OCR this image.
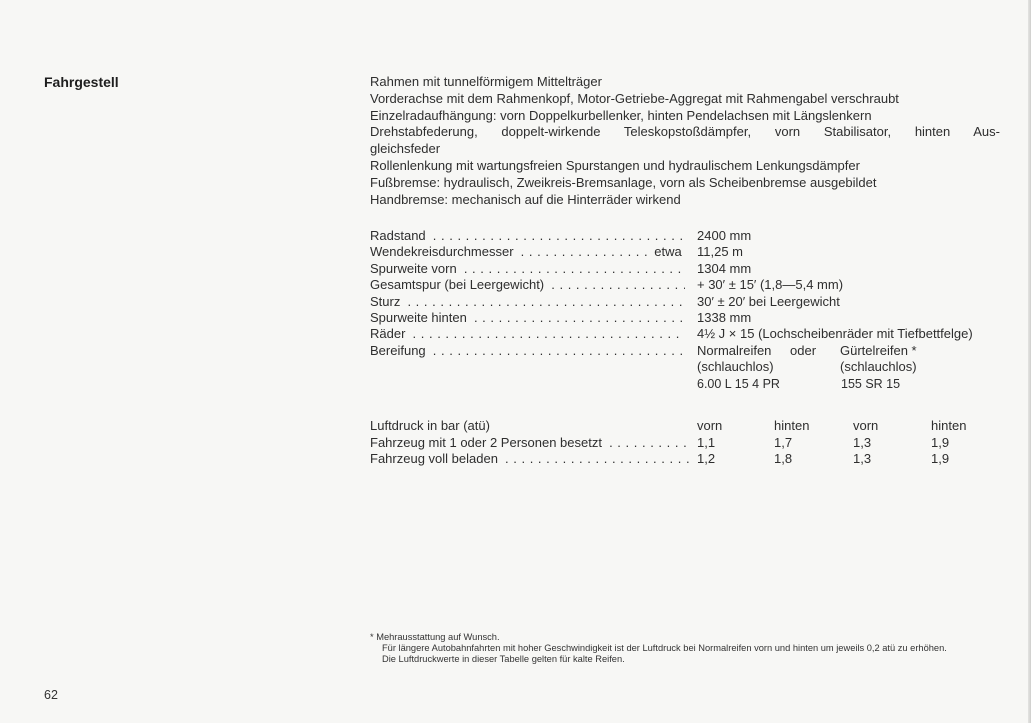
Fahrgestell	Rahmen mit tunnelförmigem Mittelträger

Vorderachse mit dem Rahmenkopf, Motor-Getriebe-Aggregat mit Rahmengabel verschraubt

Einzelradaufhängung: vorn Doppelkurbellenker, hinten Pendelachsen mit Längslenkern

Drehstabfederung, doppelt-wirkende Teleskopstoßdämpfer, vorn Stabilisator, hinten Aus-

gleichsfeder

Rollenlenkung mit wartungsfreien Spurstangen und hydraulischem Lenkungsdämpfer

Fußbremse: hydraulisch, Zweikreis-Bremsanlage, vorn als Scheibenbremse ausgebildet

Handbremse: mechanisch auf die Hinterräder wirkend

Radstand . . .	2400 mm
Wendekreisdurchmesser . . .	etwa	11,25 m
Spurweite vorn . . .	1304 mm
Gesamtspur (bei Leergewicht) . . .	+ 30′ ± 15′ (1,8—5,4 mm)
Sturz . . .	30′ ± 20′ bei Leergewicht
Spurweite hinten . . .	1338 mm
Räder . . .	4½ J × 15 (Lochscheibenräder mit Tiefbettfelge)
Bereifung . . .	Normalreifen oder Gürtelreifen *
(schlauchlos)	(schlauchlos)
6.00 L 15 4 PR	155 SR 15
Luftdruck in bar (atü)	vorn	hinten	vorn	hinten
Fahrzeug mit 1 oder 2 Personen besetzt . . .	1,1	1,7	1,3	1,9
Fahrzeug voll beladen . . .	1,2	1,8	1,3	1,9

* Mehrausstattung auf Wunsch.

Für längere Autobahnfahrten mit hoher Geschwindigkeit ist der Luftdruck bei Normalreifen vorn und hinten um jeweils 0,2 atü zu erhöhen.

Die Luftdruckwerte in dieser Tabelle gelten für kalte Reifen.

62
